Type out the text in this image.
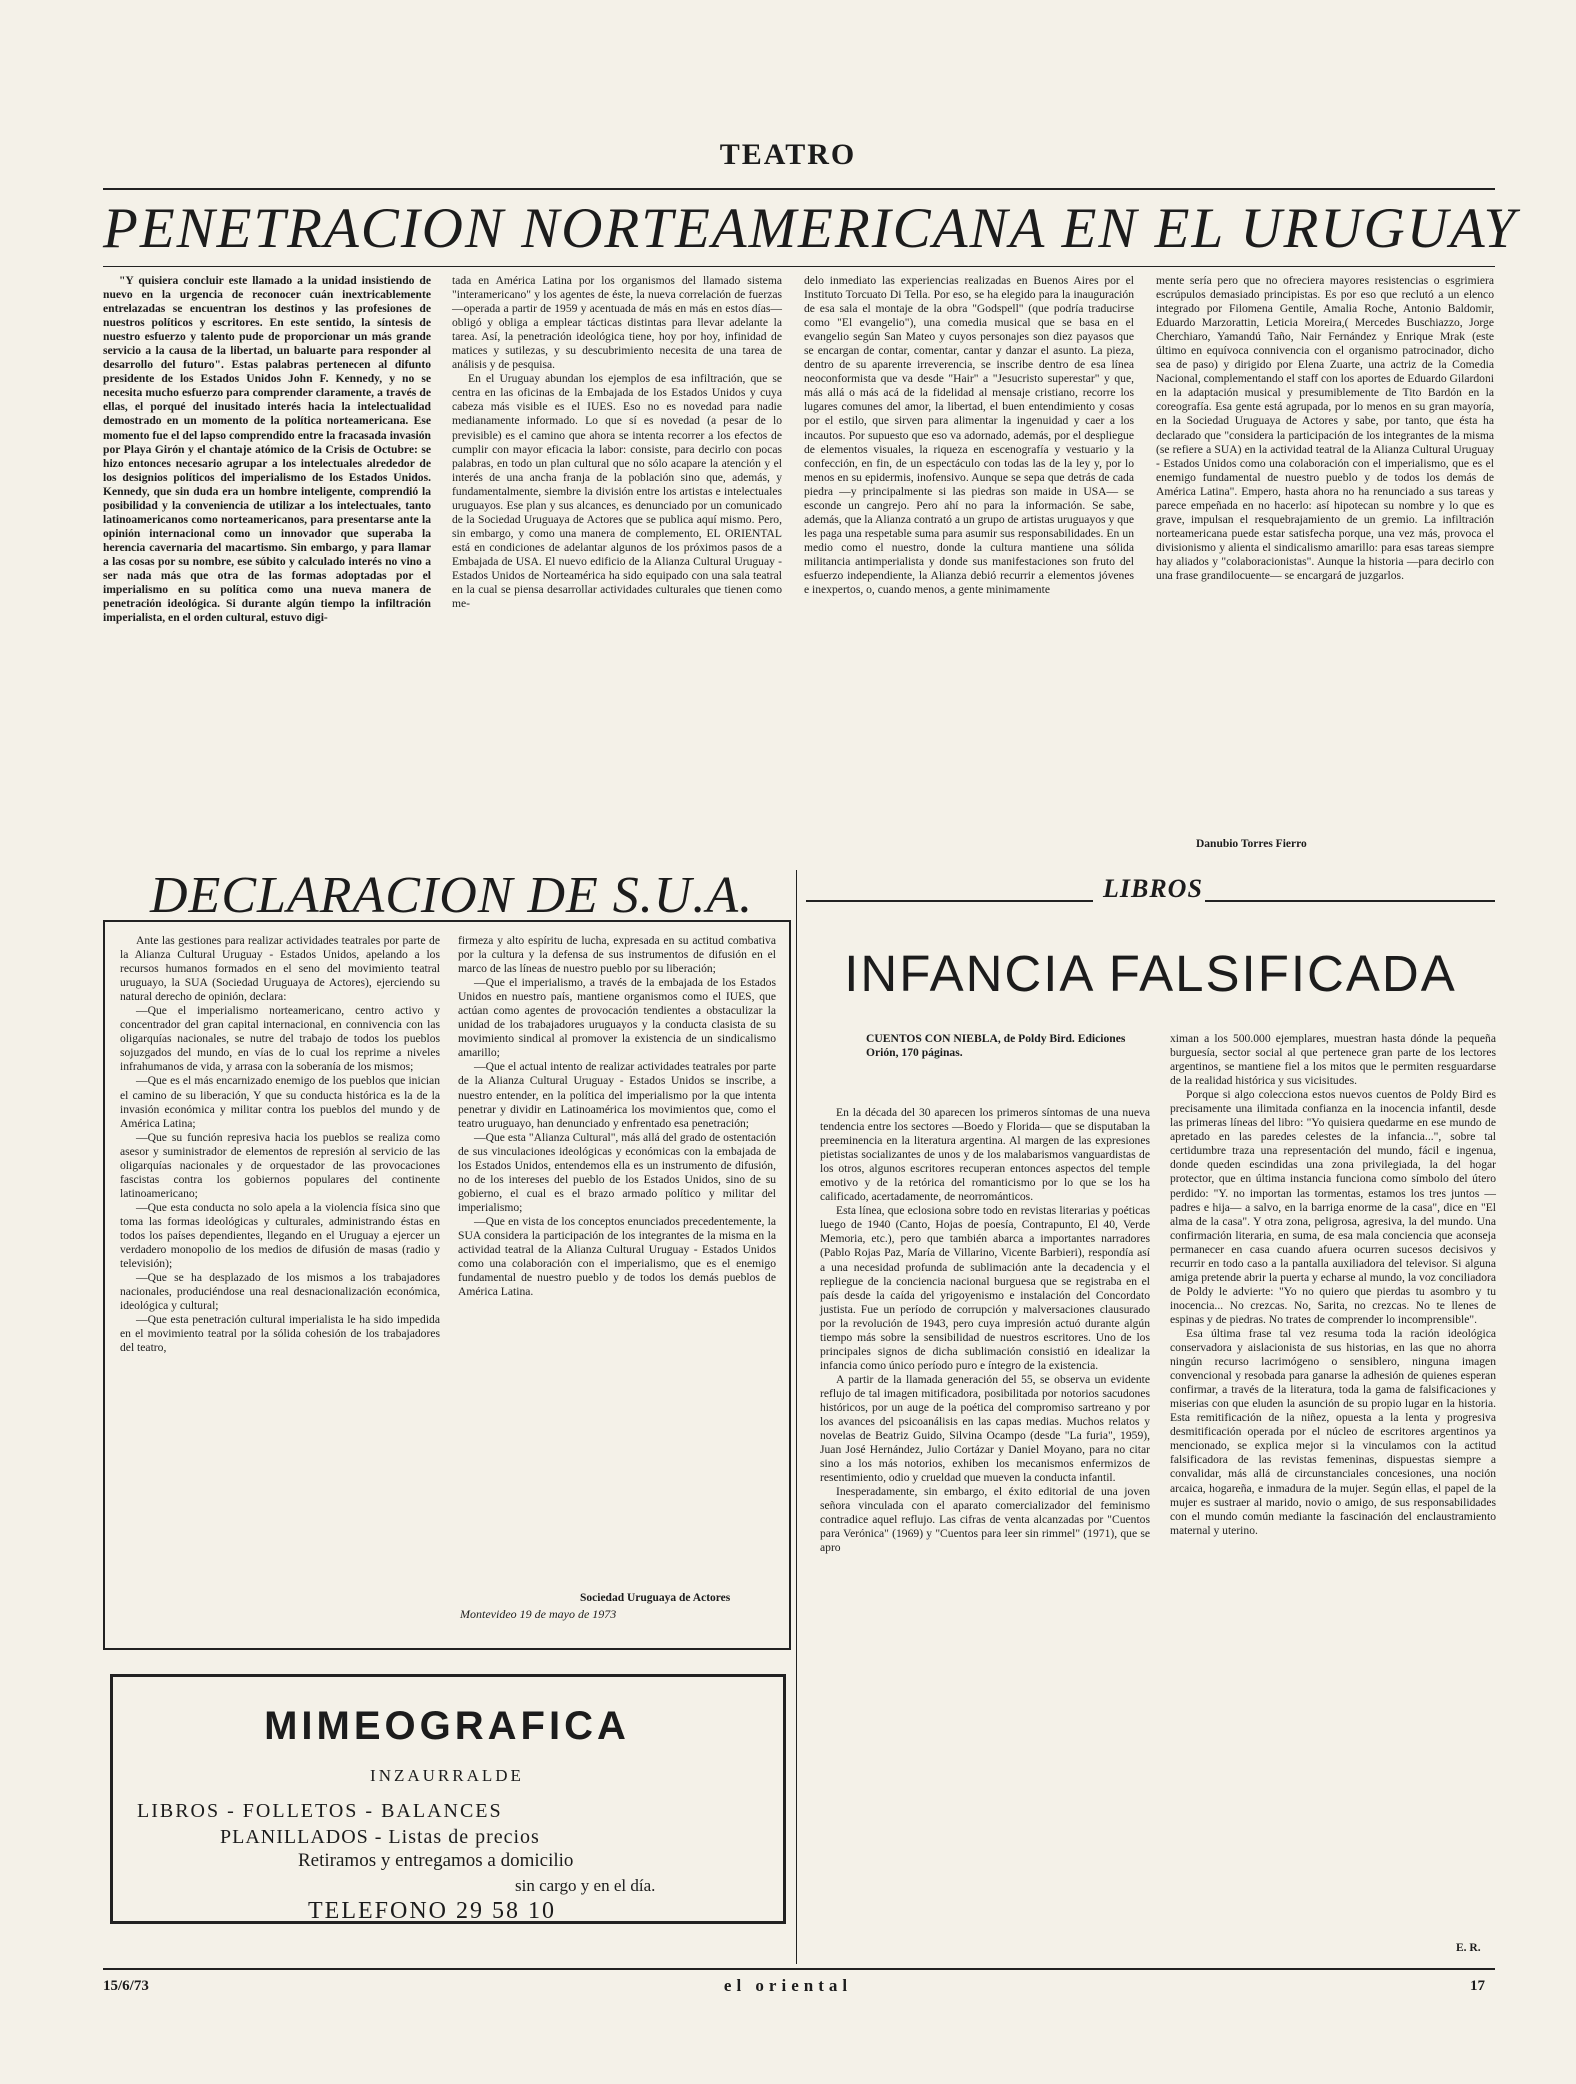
TEATRO
PENETRACION NORTEAMERICANA EN EL URUGUAY

"Y quisiera concluir este llamado a la unidad insistiendo de nuevo en la urgencia de reconocer cuán inextricablemente entrelazadas se encuentran los destinos y las profesiones de nuestros políticos y escritores. En este sentido, la síntesis de nuestro esfuerzo y talento pude de proporcionar un más grande servicio a la causa de la libertad, un baluarte para responder al desarrollo del futuro". Estas palabras pertenecen al difunto presidente de los Estados Unidos John F. Kennedy, y no se necesita mucho esfuerzo para comprender claramente, a través de ellas, el porqué del inusitado interés hacia la intelectualidad demostrado en un momento de la política norteamericana. Ese momento fue el del lapso comprendido entre la fracasada invasión por Playa Girón y el chantaje atómico de la Crisis de Octubre: se hizo entonces necesario agrupar a los intelectuales alrededor de los designios políticos del imperialismo de los Estados Unidos. Kennedy, que sin duda era un hombre inteligente, comprendió la posibilidad y la conveniencia de utilizar a los intelectuales, tanto latinoamericanos como norteamericanos, para presentarse ante la opinión internacional como un innovador que superaba la herencia cavernaria del macartismo. Sin embargo, y para llamar a las cosas por su nombre, ese súbito y calculado interés no vino a ser nada más que otra de las formas adoptadas por el imperialismo en su política como una nueva manera de penetración ideológica. Si durante algún tiempo la infiltración imperialista, en el orden cultural, estuvo digi-

tada en América Latina por los organismos del llamado sistema "interamericano" y los agentes de éste, la nueva correlación de fuerzas —operada a partir de 1959 y acentuada de más en más en estos días— obligó y obliga a emplear tácticas distintas para llevar adelante la tarea. Así, la penetración ideológica tiene, hoy por hoy, infinidad de matices y sutilezas, y su descubrimiento necesita de una tarea de análisis y de pesquisa.

En el Uruguay abundan los ejemplos de esa infiltración, que se centra en las oficinas de la Embajada de los Estados Unidos y cuya cabeza más visible es el IUES. Eso no es novedad para nadie medianamente informado. Lo que sí es novedad (a pesar de lo previsible) es el camino que ahora se intenta recorrer a los efectos de cumplir con mayor eficacia la labor: consiste, para decirlo con pocas palabras, en todo un plan cultural que no sólo acapare la atención y el interés de una ancha franja de la población sino que, además, y fundamentalmente, siembre la división entre los artistas e intelectuales uruguayos. Ese plan y sus alcances, es denunciado por un comunicado de la Sociedad Uruguaya de Actores que se publica aquí mismo. Pero, sin embargo, y como una manera de complemento, EL ORIENTAL está en condiciones de adelantar algunos de los próximos pasos de a Embajada de USA. El nuevo edificio de la Alianza Cultural Uruguay - Estados Unidos de Norteamérica ha sido equipado con una sala teatral en la cual se piensa desarrollar actividades culturales que tienen como me-

delo inmediato las experiencias realizadas en Buenos Aires por el Instituto Torcuato Di Tella. Por eso, se ha elegido para la inauguración de esa sala el montaje de la obra "Godspell" (que podría traducirse como "El evangelio"), una comedia musical que se basa en el evangelio según San Mateo y cuyos personajes son diez payasos que se encargan de contar, comentar, cantar y danzar el asunto. La pieza, dentro de su aparente irreverencia, se inscribe dentro de esa línea neoconformista que va desde "Hair" a "Jesucristo superestar" y que, más allá o más acá de la fidelidad al mensaje cristiano, recorre los lugares comunes del amor, la libertad, el buen entendimiento y cosas por el estilo, que sirven para alimentar la ingenuidad y caer a los incautos. Por supuesto que eso va adornado, además, por el despliegue de elementos visuales, la riqueza en escenografía y vestuario y la confección, en fin, de un espectáculo con todas las de la ley y, por lo menos en su epidermis, inofensivo. Aunque se sepa que detrás de cada piedra —y principalmente si las piedras son maide in USA— se esconde un cangrejo. Pero ahí no para la información. Se sabe, además, que la Alianza contrató a un grupo de artistas uruguayos y que les paga una respetable suma para asumir sus responsabilidades. En un medio como el nuestro, donde la cultura mantiene una sólida militancia antimperialista y donde sus manifestaciones son fruto del esfuerzo independiente, la Alianza debió recurrir a elementos jóvenes e inexpertos, o, cuando menos, a gente minimamente

mente sería pero que no ofreciera mayores resistencias o esgrimiera escrúpulos demasiado principistas. Es por eso que reclutó a un elenco integrado por Filomena Gentile, Amalia Roche, Antonio Baldomir, Eduardo Marzorattin, Leticia Moreira,( Mercedes Buschiazzo, Jorge Cherchiaro, Yamandú Taño, Nair Fernández y Enrique Mrak (este último en equívoca connivencia con el organismo patrocinador, dicho sea de paso) y dirigido por Elena Zuarte, una actriz de la Comedia Nacional, complementando el staff con los aportes de Eduardo Gilardoni en la adaptación musical y presumiblemente de Tito Bardón en la coreografía. Esa gente está agrupada, por lo menos en su gran mayoría, en la Sociedad Uruguaya de Actores y sabe, por tanto, que ésta ha declarado que "considera la participación de los integrantes de la misma (se refiere a SUA) en la actividad teatral de la Alianza Cultural Uruguay - Estados Unidos como una colaboración con el imperialismo, que es el enemigo fundamental de nuestro pueblo y de todos los demás de América Latina". Empero, hasta ahora no ha renunciado a sus tareas y parece empeñada en no hacerlo: así hipotecan su nombre y lo que es grave, impulsan el resquebrajamiento de un gremio. La infiltración norteamericana puede estar satisfecha porque, una vez más, provoca el divisionismo y alienta el sindicalismo amarillo: para esas tareas siempre hay aliados y "colaboracionistas". Aunque la historia —para decirlo con una frase grandilocuente— se encargará de juzgarlos.

Danubio Torres Fierro
DECLARACION DE S.U.A.

Ante las gestiones para realizar actividades teatrales por parte de la Alianza Cultural Uruguay - Estados Unidos, apelando a los recursos humanos formados en el seno del movimiento teatral uruguayo, la SUA (Sociedad Uruguaya de Actores), ejerciendo su natural derecho de opinión, declara:

—Que el imperialismo norteamericano, centro activo y concentrador del gran capital internacional, en connivencia con las oligarquías nacionales, se nutre del trabajo de todos los pueblos sojuzgados del mundo, en vías de lo cual los reprime a niveles infrahumanos de vida, y arrasa con la soberanía de los mismos;

—Que es el más encarnizado enemigo de los pueblos que inician el camino de su liberación, Y que su conducta histórica es la de la invasión económica y militar contra los pueblos del mundo y de América Latina;

—Que su función represiva hacia los pueblos se realiza como asesor y suministrador de elementos de represión al servicio de las oligarquías nacionales y de orquestador de las provocaciones fascistas contra los gobiernos populares del continente latinoamericano;

—Que esta conducta no solo apela a la violencia física sino que toma las formas ideológicas y culturales, administrando éstas en todos los países dependientes, llegando en el Uruguay a ejercer un verdadero monopolio de los medios de difusión de masas (radio y televisión);

—Que se ha desplazado de los mismos a los trabajadores nacionales, produciéndose una real desnacionalización económica, ideológica y cultural;

—Que esta penetración cultural imperialista le ha sido impedida en el movimiento teatral por la sólida cohesión de los trabajadores del teatro,

firmeza y alto espíritu de lucha, expresada en su actitud combativa por la cultura y la defensa de sus instrumentos de difusión en el marco de las líneas de nuestro pueblo por su liberación;

—Que el imperialismo, a través de la embajada de los Estados Unidos en nuestro país, mantiene organismos como el IUES, que actúan como agentes de provocación tendientes a obstaculizar la unidad de los trabajadores uruguayos y la conducta clasista de su movimiento sindical al promover la existencia de un sindicalismo amarillo;

—Que el actual intento de realizar actividades teatrales por parte de la Alianza Cultural Uruguay - Estados Unidos se inscribe, a nuestro entender, en la política del imperialismo por la que intenta penetrar y dividir en Latinoamérica los movimientos que, como el teatro uruguayo, han denunciado y enfrentado esa penetración;

—Que esta "Alianza Cultural", más allá del grado de ostentación de sus vinculaciones ideológicas y económicas con la embajada de los Estados Unidos, entendemos ella es un instrumento de difusión, no de los intereses del pueblo de los Estados Unidos, sino de su gobierno, el cual es el brazo armado político y militar del imperialismo;

—Que en vista de los conceptos enunciados precedentemente, la SUA considera la participación de los integrantes de la misma en la actividad teatral de la Alianza Cultural Uruguay - Estados Unidos como una colaboración con el imperialismo, que es el enemigo fundamental de nuestro pueblo y de todos los demás pueblos de América Latina.

Sociedad Uruguaya de Actores
Montevideo 19 de mayo de 1973
MIMEOGRAFICA
INZAURRALDE
LIBROS - FOLLETOS - BALANCES
PLANILLADOS - Listas de precios
Retiramos y entregamos a domicilio
sin cargo y en el día.
TELEFONO 29 58 10
LIBROS
INFANCIA FALSIFICADA
CUENTOS CON NIEBLA, de Poldy Bird. Ediciones Orión, 170 páginas.

En la década del 30 aparecen los primeros síntomas de una nueva tendencia entre los sectores —Boedo y Florida— que se disputaban la preeminencia en la literatura argentina. Al margen de las expresiones pietistas socializantes de unos y de los malabarismos vanguardistas de los otros, algunos escritores recuperan entonces aspectos del temple emotivo y de la retórica del romanticismo por lo que se los ha calificado, acertadamente, de neorrománticos.

Esta línea, que eclosiona sobre todo en revistas literarias y poéticas luego de 1940 (Canto, Hojas de poesía, Contrapunto, El 40, Verde Memoria, etc.), pero que también abarca a importantes narradores (Pablo Rojas Paz, María de Villarino, Vicente Barbieri), respondía así a una necesidad profunda de sublimación ante la decadencia y el repliegue de la conciencia nacional burguesa que se registraba en el país desde la caída del yrigoyenismo e instalación del Concordato justista. Fue un período de corrupción y malversaciones clausurado por la revolución de 1943, pero cuya impresión actuó durante algún tiempo más sobre la sensibilidad de nuestros escritores. Uno de los principales signos de dicha sublimación consistió en idealizar la infancia como único período puro e íntegro de la existencia.

A partir de la llamada generación del 55, se observa un evidente reflujo de tal imagen mitificadora, posibilitada por notorios sacudones históricos, por un auge de la poética del compromiso sartreano y por los avances del psicoanálisis en las capas medias. Muchos relatos y novelas de Beatriz Guido, Silvina Ocampo (desde "La furia", 1959), Juan José Hernández, Julio Cortázar y Daniel Moyano, para no citar sino a los más notorios, exhiben los mecanismos enfermizos de resentimiento, odio y crueldad que mueven la conducta infantil.

Inesperadamente, sin embargo, el éxito editorial de una joven señora vinculada con el aparato comercializador del feminismo contradice aquel reflujo. Las cifras de venta alcanzadas por "Cuentos para Verónica" (1969) y "Cuentos para leer sin rimmel" (1971), que se apro

ximan a los 500.000 ejemplares, muestran hasta dónde la pequeña burguesía, sector social al que pertenece gran parte de los lectores argentinos, se mantiene fiel a los mitos que le permiten resguardarse de la realidad histórica y sus vicisitudes.

Porque si algo colecciona estos nuevos cuentos de Poldy Bird es precisamente una ilimitada confianza en la inocencia infantil, desde las primeras líneas del libro: "Yo quisiera quedarme en ese mundo de apretado en las paredes celestes de la infancia...", sobre tal certidumbre traza una representación del mundo, fácil e ingenua, donde queden escindidas una zona privilegiada, la del hogar protector, que en última instancia funciona como símbolo del útero perdido: "Y. no importan las tormentas, estamos los tres juntos —padres e hija— a salvo, en la barriga enorme de la casa", dice en "El alma de la casa". Y otra zona, peligrosa, agresiva, la del mundo. Una confirmación literaria, en suma, de esa mala conciencia que aconseja permanecer en casa cuando afuera ocurren sucesos decisivos y recurrir en todo caso a la pantalla auxiliadora del televisor. Si alguna amiga pretende abrir la puerta y echarse al mundo, la voz conciliadora de Poldy le advierte: "Yo no quiero que pierdas tu asombro y tu inocencia... No crezcas. No, Sarita, no crezcas. No te llenes de espinas y de piedras. No trates de comprender lo incomprensible".

Esa última frase tal vez resuma toda la ración ideológica conservadora y aislacionista de sus historias, en las que no ahorra ningún recurso lacrimógeno o sensiblero, ninguna imagen convencional y resobada para ganarse la adhesión de quienes esperan confirmar, a través de la literatura, toda la gama de falsificaciones y miserias con que eluden la asunción de su propio lugar en la historia. Esta remitificación de la niñez, opuesta a la lenta y progresiva desmitificación operada por el núcleo de escritores argentinos ya mencionado, se explica mejor si la vinculamos con la actitud falsificadora de las revistas femeninas, dispuestas siempre a convalidar, más allá de circunstanciales concesiones, una noción arcaica, hogareña, e inmadura de la mujer. Según ellas, el papel de la mujer es sustraer al marido, novio o amigo, de sus responsabilidades con el mundo común mediante la fascinación del enclaustramiento maternal y uterino.

E. R.
15/6/73	el oriental	17
